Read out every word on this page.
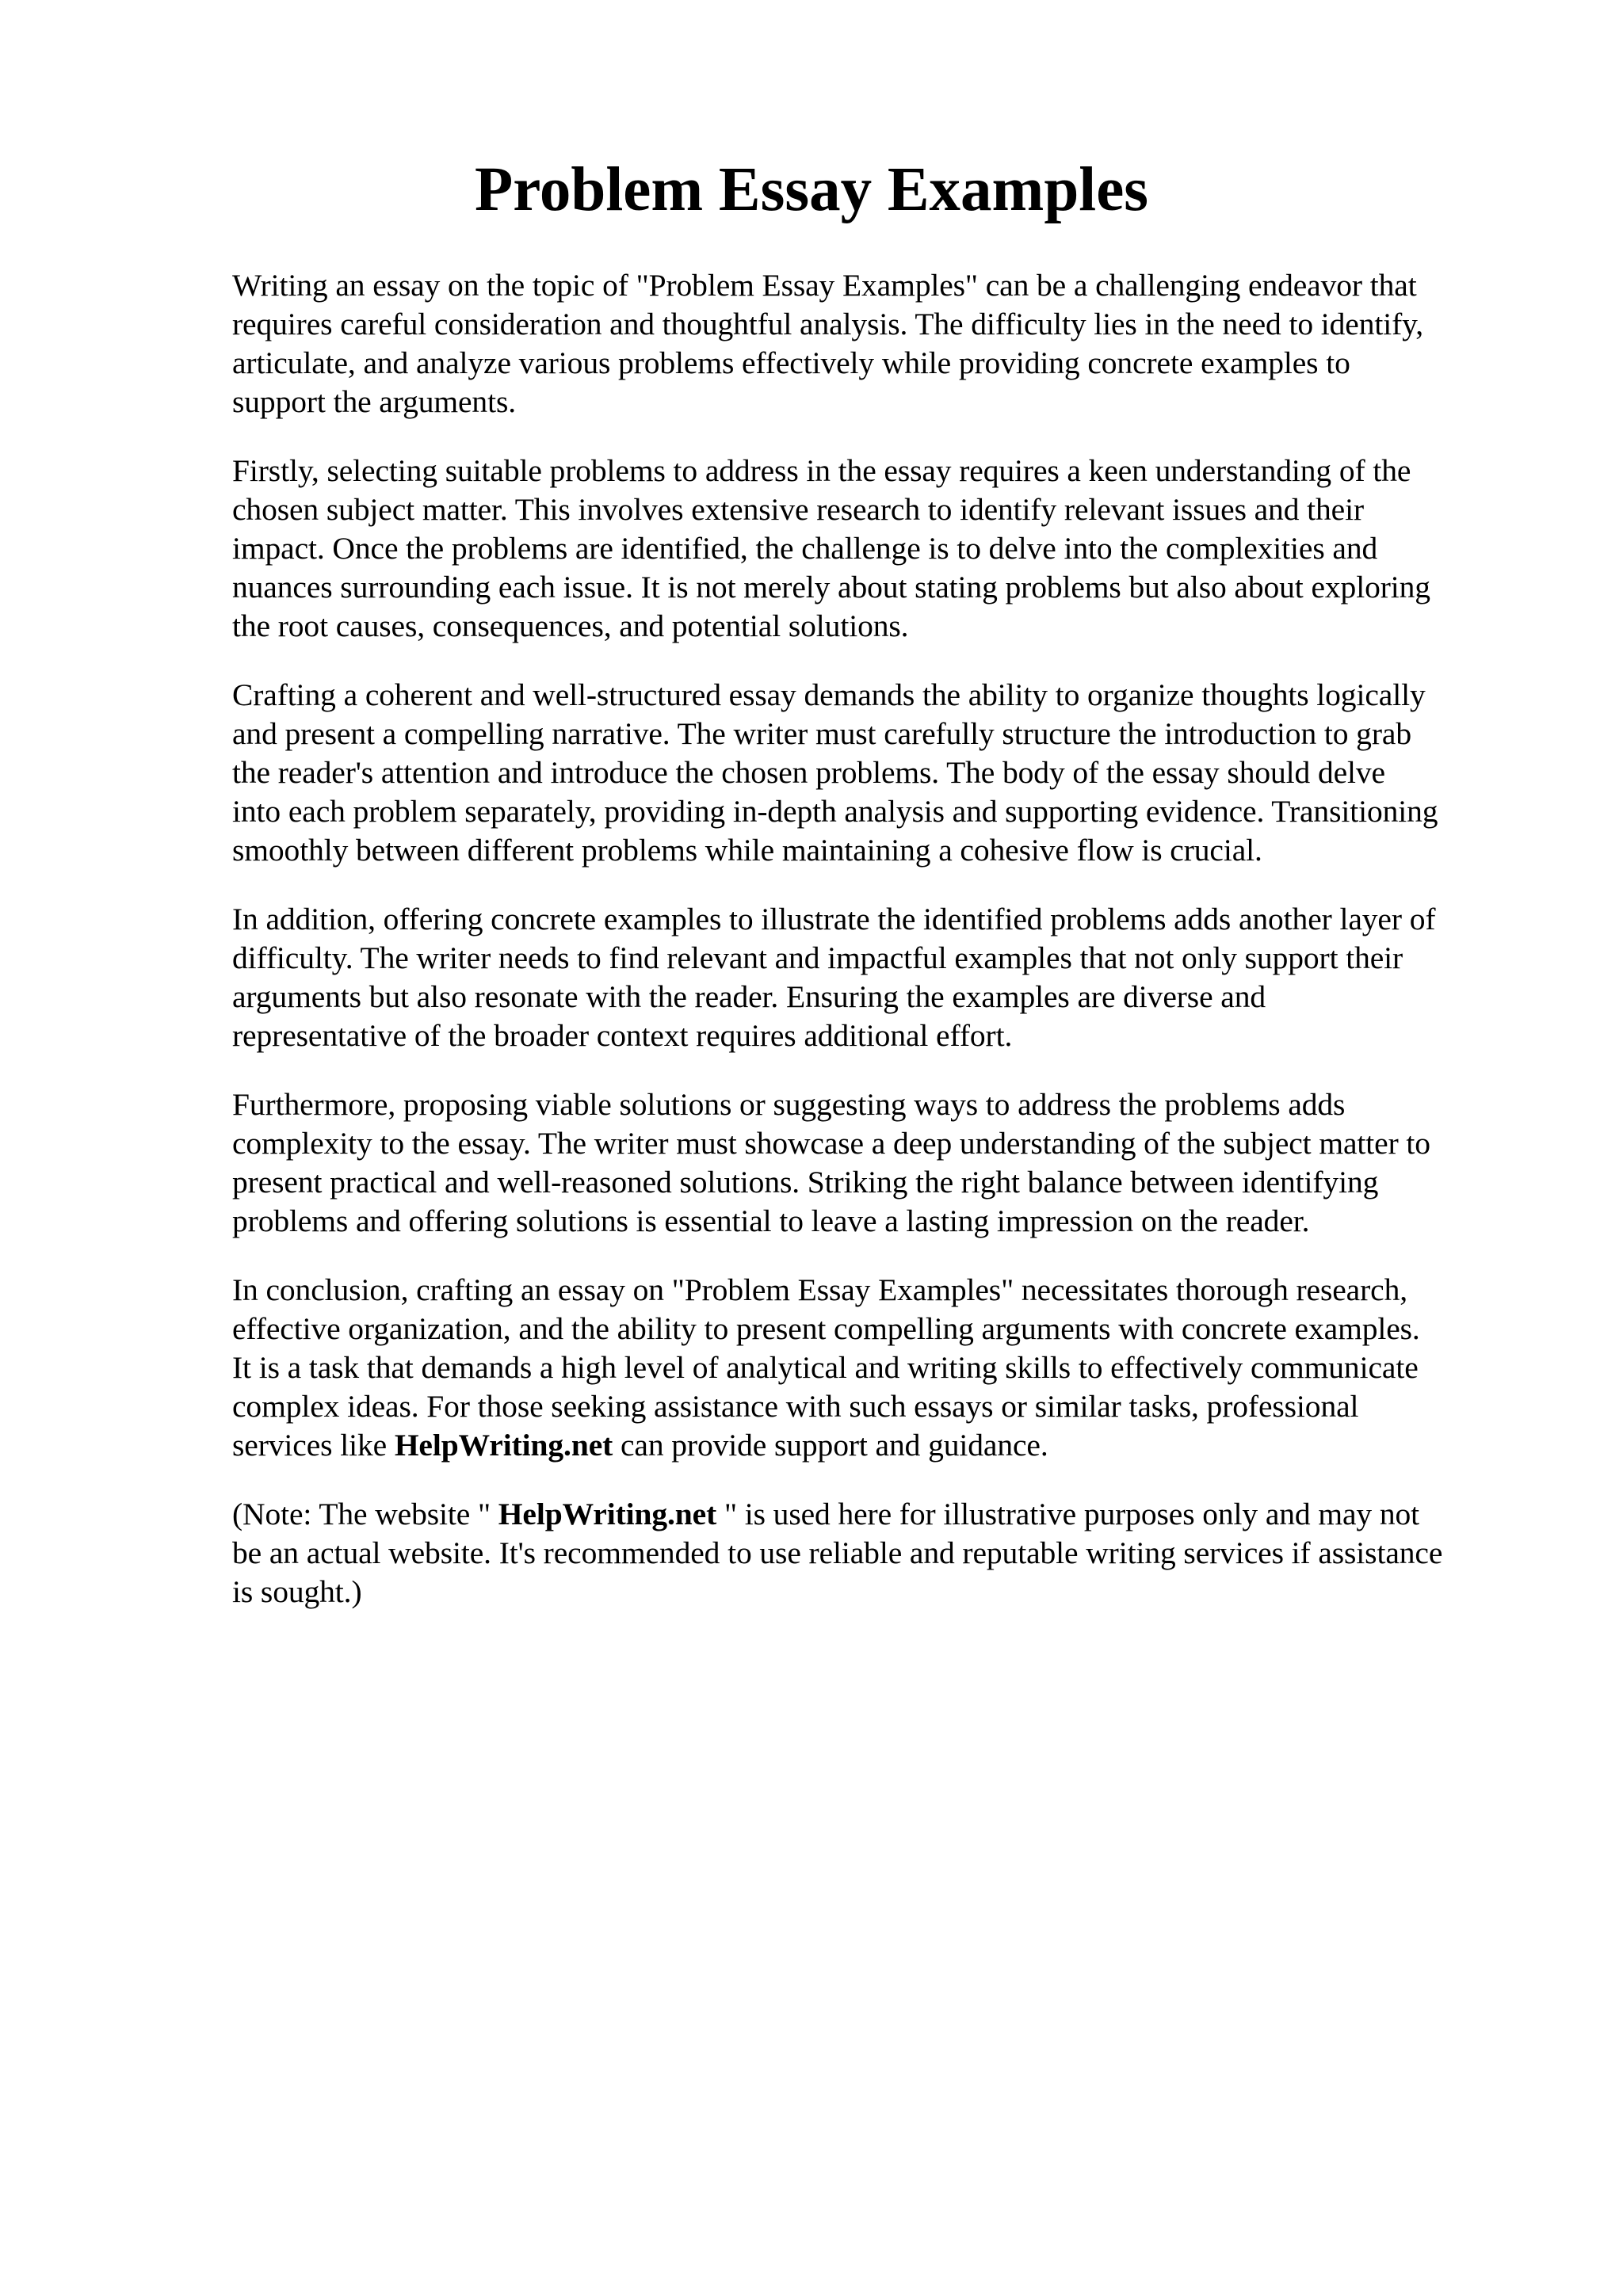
Problem Essay Examples

Writing an essay on the topic of "Problem Essay Examples" can be a challenging endeavor that
requires careful consideration and thoughtful analysis. The difficulty lies in the need to identify,
articulate, and analyze various problems effectively while providing concrete examples to
support the arguments.

Firstly, selecting suitable problems to address in the essay requires a keen understanding of the
chosen subject matter. This involves extensive research to identify relevant issues and their
impact. Once the problems are identified, the challenge is to delve into the complexities and
nuances surrounding each issue. It is not merely about stating problems but also about exploring
the root causes, consequences, and potential solutions.

Crafting a coherent and well-structured essay demands the ability to organize thoughts logically
and present a compelling narrative. The writer must carefully structure the introduction to grab
the reader's attention and introduce the chosen problems. The body of the essay should delve
into each problem separately, providing in-depth analysis and supporting evidence. Transitioning
smoothly between different problems while maintaining a cohesive flow is crucial.

In addition, offering concrete examples to illustrate the identified problems adds another layer of
difficulty. The writer needs to find relevant and impactful examples that not only support their
arguments but also resonate with the reader. Ensuring the examples are diverse and
representative of the broader context requires additional effort.

Furthermore, proposing viable solutions or suggesting ways to address the problems adds
complexity to the essay. The writer must showcase a deep understanding of the subject matter to
present practical and well-reasoned solutions. Striking the right balance between identifying
problems and offering solutions is essential to leave a lasting impression on the reader.

In conclusion, crafting an essay on "Problem Essay Examples" necessitates thorough research,
effective organization, and the ability to present compelling arguments with concrete examples.
It is a task that demands a high level of analytical and writing skills to effectively communicate
complex ideas. For those seeking assistance with such essays or similar tasks, professional
services like HelpWriting.net can provide support and guidance.

(Note: The website " HelpWriting.net " is used here for illustrative purposes only and may not
be an actual website. It's recommended to use reliable and reputable writing services if assistance
is sought.)
